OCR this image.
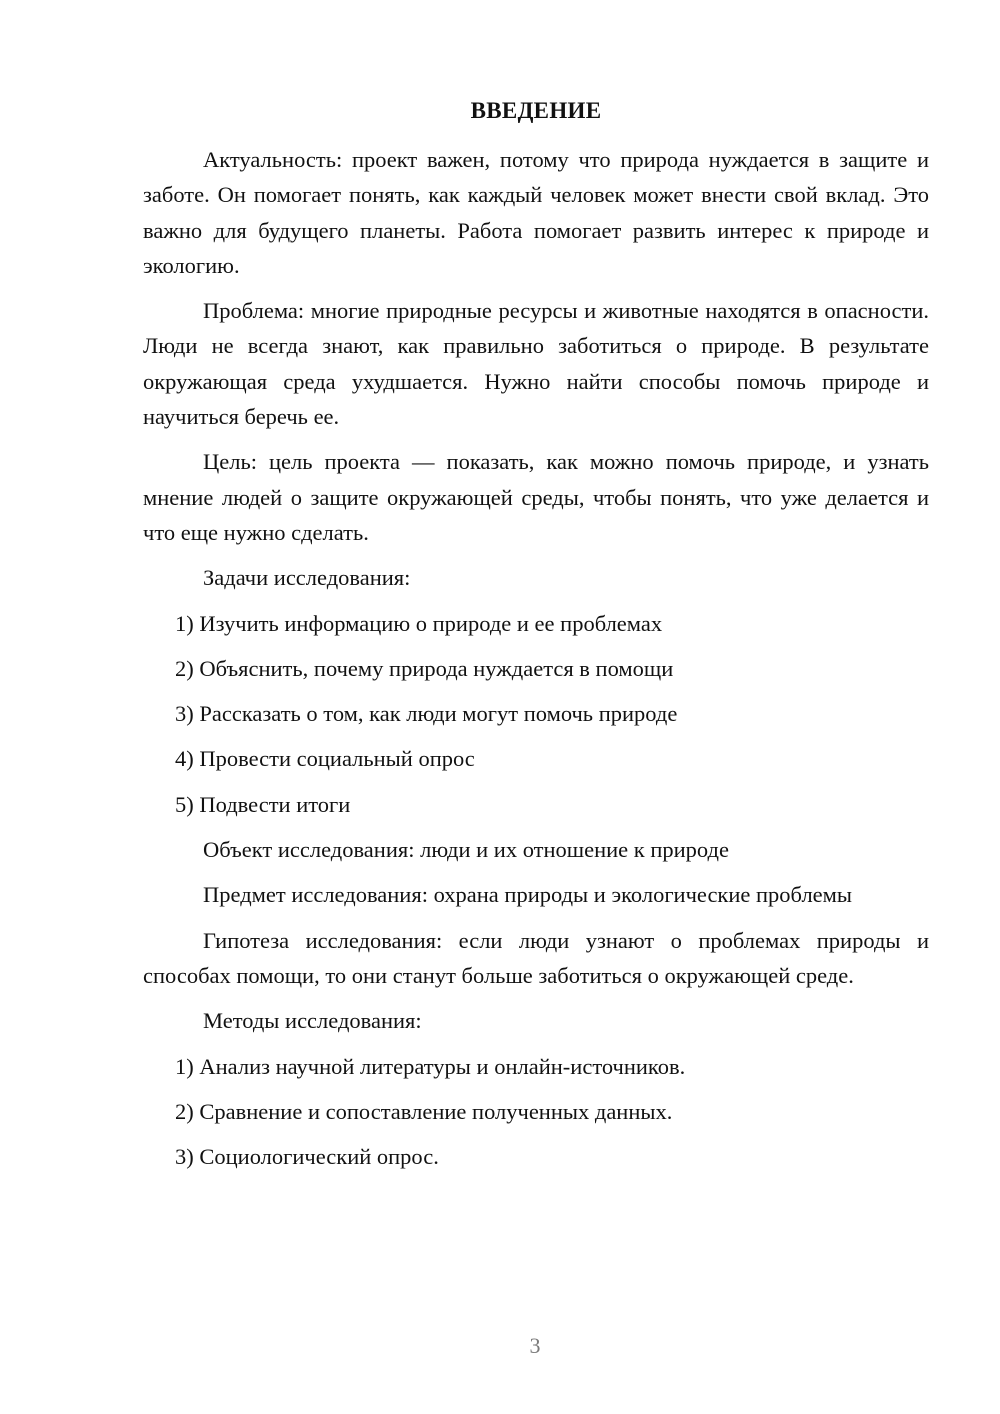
ВВЕДЕНИЕ

Актуальность: проект важен, потому что природа нуждается в защите и заботе. Он помогает понять, как каждый человек может внести свой вклад. Это важно для будущего планеты. Работа помогает развить интерес к природе и экологию.

Проблема: многие природные ресурсы и животные находятся в опасности. Люди не всегда знают, как правильно заботиться о природе. В результате окружающая среда ухудшается. Нужно найти способы помочь природе и научиться беречь ее.

Цель: цель проекта — показать, как можно помочь природе, и узнать мнение людей о защите окружающей среды, чтобы понять, что уже делается и что еще нужно сделать.

Задачи исследования:
1) Изучить информацию о природе и ее проблемах
2) Объяснить, почему природа нуждается в помощи
3) Рассказать о том, как люди могут помочь природе
4) Провести социальный опрос
5) Подвести итоги
Объект исследования: люди и их отношение к природе
Предмет исследования: охрана природы и экологические проблемы

Гипотеза исследования: если люди узнают о проблемах природы и способах помощи, то они станут больше заботиться о окружающей среде.

Методы исследования:
1) Анализ научной литературы и онлайн-источников.
2) Сравнение и сопоставление полученных данных.
3) Социологический опрос.
3
